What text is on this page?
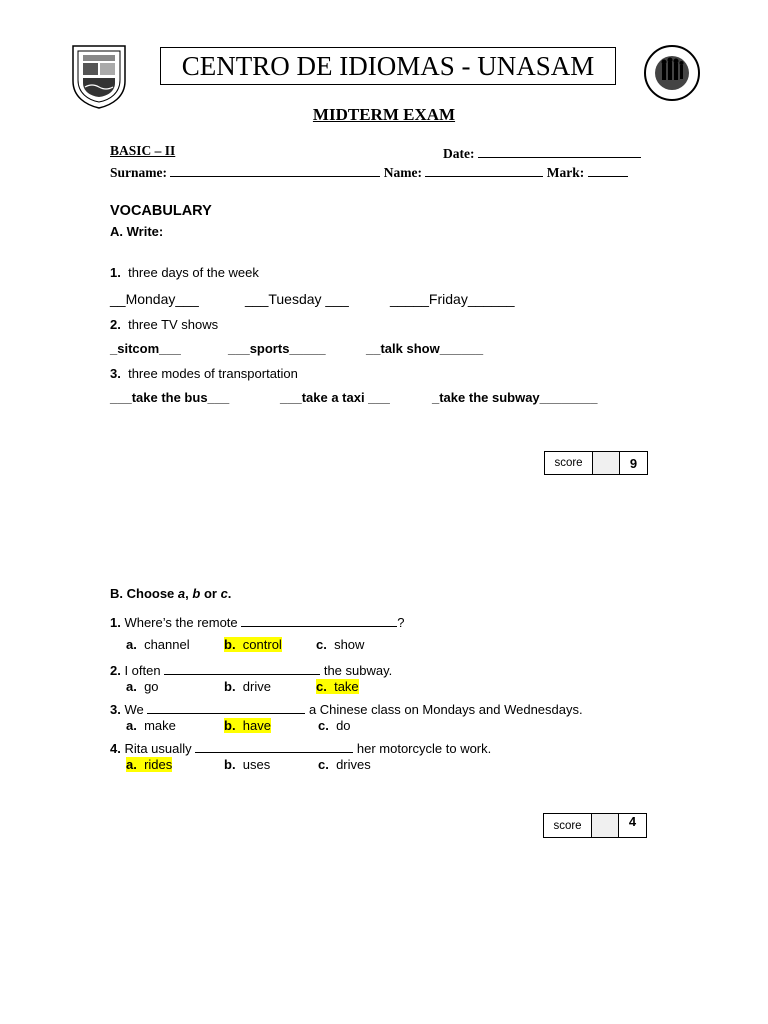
CENTRO DE IDIOMAS - UNASAM
MIDTERM EXAM
BASIC – II	Date:
Surname:	Name:	Mark:
VOCABULARY
A. Write:
1. three days of the week
__Monday___	___Tuesday ___	_____Friday______
2. three TV shows
_sitcom___	___sports_____	__talk show______
3. three modes of transportation
___take the bus___	___take a taxi ___	_take the subway________
score	9
B. Choose a, b or c.
1. Where’s the remote	?
a. channel	b. control	c. show
2. I often	the subway.
a. go	b. drive	c. take
3. We	a Chinese class on Mondays and Wednesdays.
a. make	b. have	c. do
4. Rita usually	her motorcycle to work.
a. rides	b. uses	c. drives
score	4
